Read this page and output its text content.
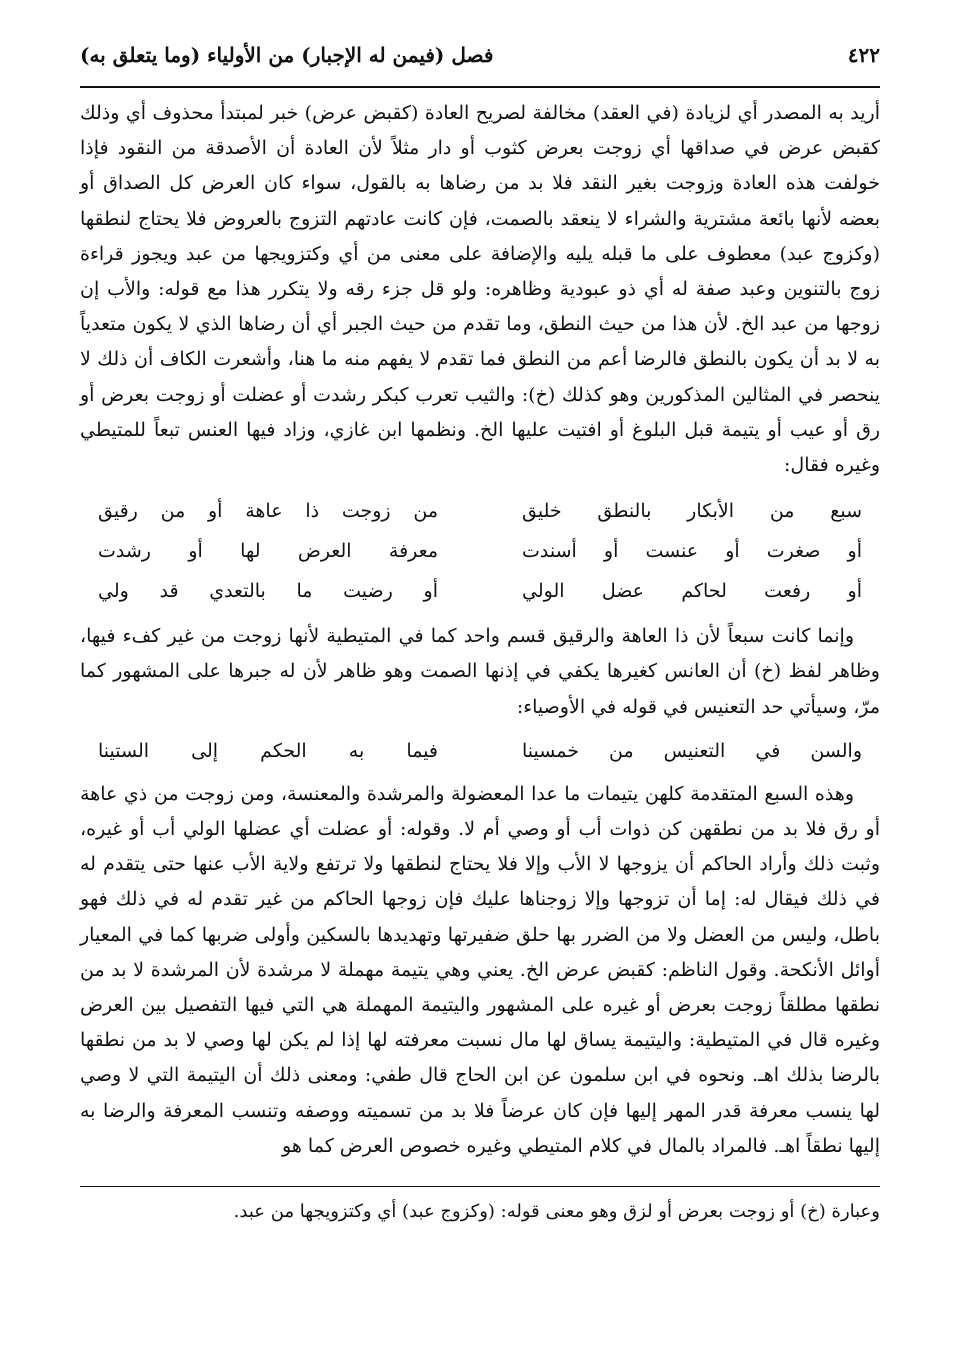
٤٢٢
فصل (فيمن له الإجبار) من الأولياء (وما يتعلق به)

أريد به المصدر أي لزيادة (في العقد) مخالفة لصريح العادة (كقبض عرض) خبر لمبتدأ محذوف أي وذلك كقبض عرض في صداقها أي زوجت بعرض كثوب أو دار مثلاً لأن العادة أن الأصدقة من النقود فإذا خولفت هذه العادة وزوجت بغير النقد فلا بد من رضاها به بالقول، سواء كان العرض كل الصداق أو بعضه لأنها بائعة مشترية والشراء لا ينعقد بالصمت، فإن كانت عادتهم التزوج بالعروض فلا يحتاج لنطقها (وكزوج عبد) معطوف على ما قبله يليه والإضافة على معنى من أي وكتزويجها من عبد ويجوز قراءة زوج بالتنوين وعبد صفة له أي ذو عبودية وظاهره: ولو قل جزء رقه ولا يتكرر هذا مع قوله: والأب إن زوجها من عبد الخ. لأن هذا من حيث النطق، وما تقدم من حيث الجبر أي أن رضاها الذي لا يكون متعدياً به لا بد أن يكون بالنطق فالرضا أعم من النطق فما تقدم لا يفهم منه ما هنا، وأشعرت الكاف أن ذلك لا ينحصر في المثالين المذكورين وهو كذلك (خ): والثيب تعرب كبكر رشدت أو عضلت أو زوجت بعرض أو رق أو عيب أو يتيمة قبل البلوغ أو افتيت عليها الخ. ونظمها ابن غازي، وزاد فيها العنس تبعاً للمتيطي وغيره فقال:

سبع من الأبكار بالنطق خليق
من زوجت ذا عاهة أو من رقيق
أو صغرت أو عنست أو أسندت
معرفة العرض لها أو رشدت
أو رفعت لحاكم عضل الولي
أو رضيت ما بالتعدي قد ولي

وإنما كانت سبعاً لأن ذا العاهة والرقيق قسم واحد كما في المتيطية لأنها زوجت من غير كفء فيها، وظاهر لفظ (خ) أن العانس كغيرها يكفي في إذنها الصمت وهو ظاهر لأن له جبرها على المشهور كما مرّ، وسيأتي حد التعنيس في قوله في الأوصياء:

والسن في التعنيس من خمسينا
فيما به الحكم إلى الستينا

وهذه السبع المتقدمة كلهن يتيمات ما عدا المعضولة والمرشدة والمعنسة، ومن زوجت من ذي عاهة أو رق فلا بد من نطقهن كن ذوات أب أو وصي أم لا. وقوله: أو عضلت أي عضلها الولي أب أو غيره، وثبت ذلك وأراد الحاكم أن يزوجها لا الأب وإلا فلا يحتاج لنطقها ولا ترتفع ولاية الأب عنها حتى يتقدم له في ذلك فيقال له: إما أن تزوجها وإلا زوجناها عليك فإن زوجها الحاكم من غير تقدم له في ذلك فهو باطل، وليس من العضل ولا من الضرر بها حلق ضفيرتها وتهديدها بالسكين وأولى ضربها كما في المعيار أوائل الأنكحة. وقول الناظم: كقبض عرض الخ. يعني وهي يتيمة مهملة لا مرشدة لأن المرشدة لا بد من نطقها مطلقاً زوجت بعرض أو غيره على المشهور واليتيمة المهملة هي التي فيها التفصيل بين العرض وغيره قال في المتيطية: واليتيمة يساق لها مال نسبت معرفته لها إذا لم يكن لها وصي لا بد من نطقها بالرضا بذلك اهـ. ونحوه في ابن سلمون عن ابن الحاج قال طفي: ومعنى ذلك أن اليتيمة التي لا وصي لها ينسب معرفة قدر المهر إليها فإن كان عرضاً فلا بد من تسميته ووصفه وتنسب المعرفة والرضا به إليها نطقاً اهـ. فالمراد بالمال في كلام المتيطي وغيره خصوص العرض كما هو

وعبارة (خ) أو زوجت بعرض أو لزق وهو معنى قوله: (وكزوج عبد) أي وكتزويجها من عبد.
